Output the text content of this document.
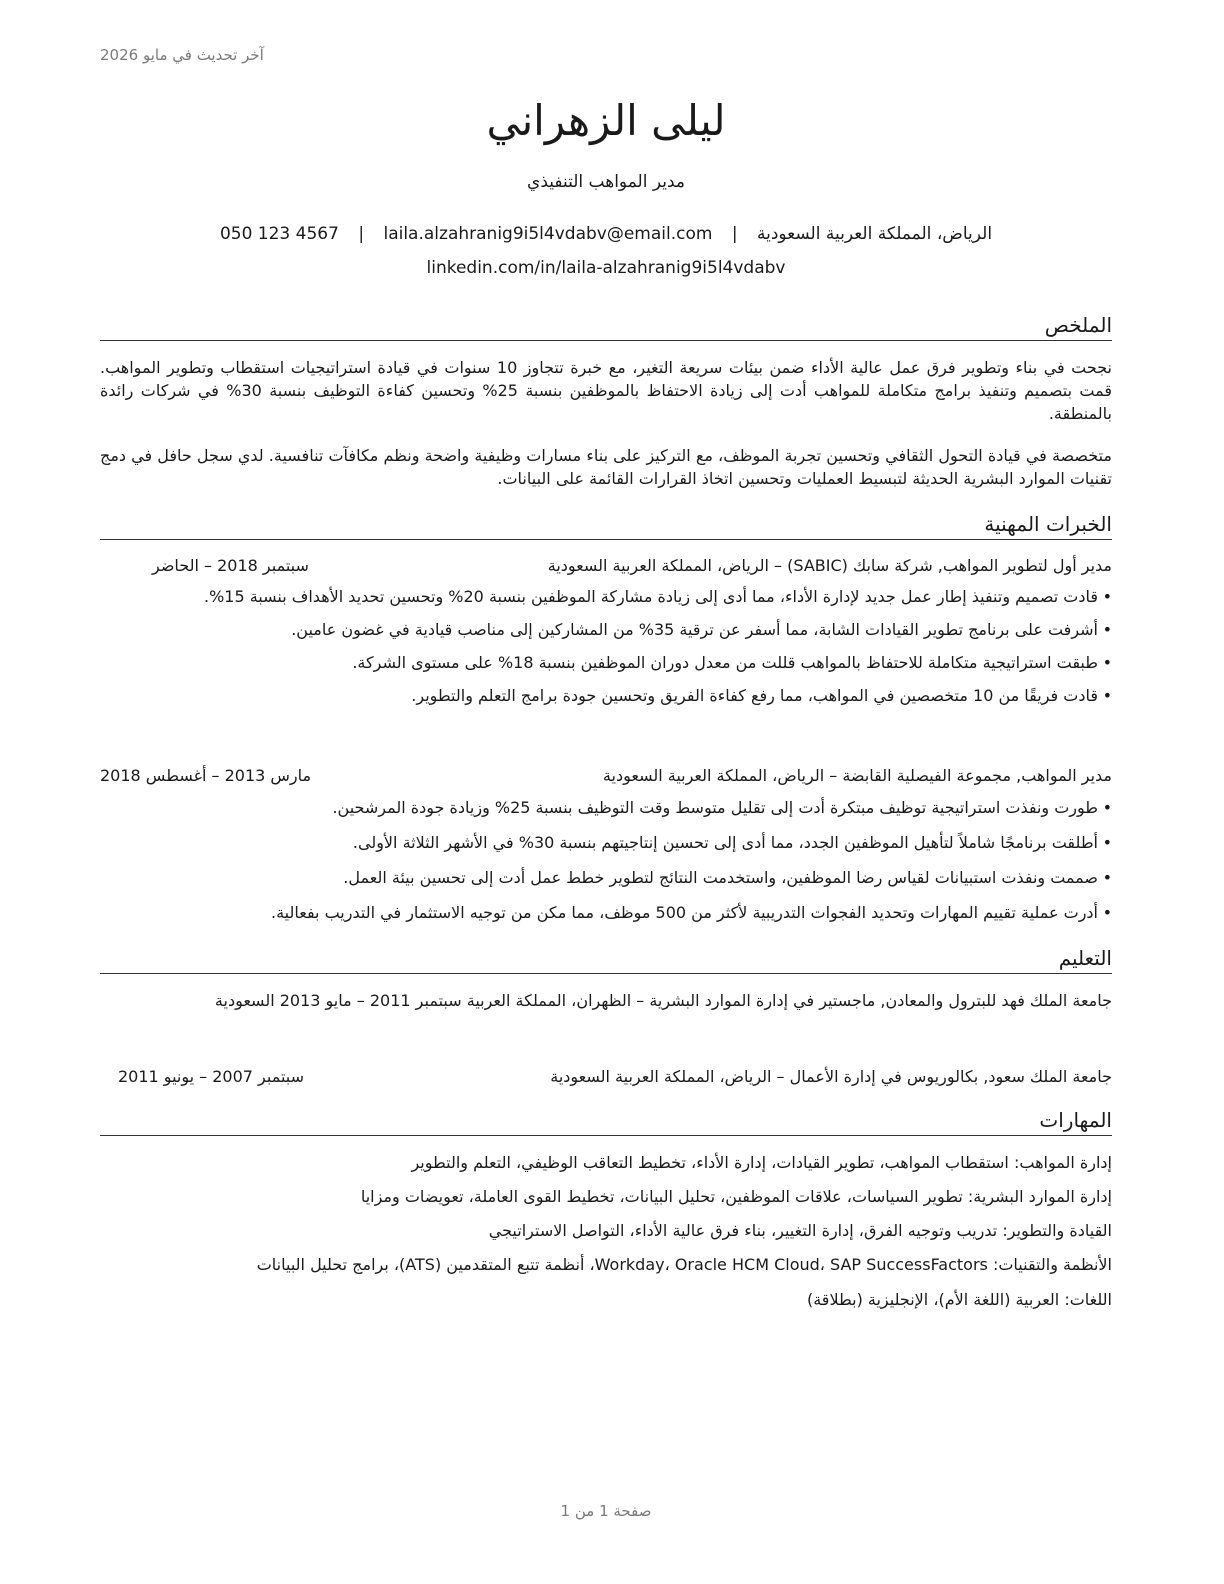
آخر تحديث في مايو 2026
ليلى الزهراني
مدير المواهب التنفيذي
الرياض، المملكة العربية السعودية | laila.alzahranig9i5l4vdabv@email.com | 050 123 4567
linkedin.com/in/laila-alzahranig9i5l4vdabv
الملخص
نجحت في بناء وتطوير فرق عمل عالية الأداء ضمن بيئات سريعة التغير، مع خبرة تتجاوز 10 سنوات في قيادة استراتيجيات استقطاب وتطوير المواهب. قمت بتصميم وتنفيذ برامج متكاملة للمواهب أدت إلى زيادة الاحتفاظ بالموظفين بنسبة 25% وتحسين كفاءة التوظيف بنسبة 30% في شركات رائدة بالمنطقة.
متخصصة في قيادة التحول الثقافي وتحسين تجربة الموظف، مع التركيز على بناء مسارات وظيفية واضحة ونظم مكافآت تنافسية. لدي سجل حافل في دمج تقنيات الموارد البشرية الحديثة لتبسيط العمليات وتحسين اتخاذ القرارات القائمة على البيانات.
الخبرات المهنية
مدير أول لتطوير المواهب, شركة سابك (SABIC) – الرياض، المملكة العربية السعودية
سبتمبر 2018 – الحاضر
• قادت تصميم وتنفيذ إطار عمل جديد لإدارة الأداء، مما أدى إلى زيادة مشاركة الموظفين بنسبة 20% وتحسين تحديد الأهداف بنسبة 15%.
• أشرفت على برنامج تطوير القيادات الشابة، مما أسفر عن ترقية 35% من المشاركين إلى مناصب قيادية في غضون عامين.
• طبقت استراتيجية متكاملة للاحتفاظ بالمواهب قللت من معدل دوران الموظفين بنسبة 18% على مستوى الشركة.
• قادت فريقًا من 10 متخصصين في المواهب، مما رفع كفاءة الفريق وتحسين جودة برامج التعلم والتطوير.
مدير المواهب, مجموعة الفيصلية القابضة – الرياض، المملكة العربية السعودية
مارس 2013 – أغسطس 2018
• طورت ونفذت استراتيجية توظيف مبتكرة أدت إلى تقليل متوسط وقت التوظيف بنسبة 25% وزيادة جودة المرشحين.
• أطلقت برنامجًا شاملاً لتأهيل الموظفين الجدد، مما أدى إلى تحسين إنتاجيتهم بنسبة 30% في الأشهر الثلاثة الأولى.
• صممت ونفذت استبيانات لقياس رضا الموظفين، واستخدمت النتائج لتطوير خطط عمل أدت إلى تحسين بيئة العمل.
• أدرت عملية تقييم المهارات وتحديد الفجوات التدريبية لأكثر من 500 موظف، مما مكن من توجيه الاستثمار في التدريب بفعالية.
التعليم
جامعة الملك فهد للبترول والمعادن, ماجستير في إدارة الموارد البشرية – الظهران، المملكة العربية سبتمبر 2011 – مايو 2013 السعودية
جامعة الملك سعود, بكالوريوس في إدارة الأعمال – الرياض، المملكة العربية السعودية
سبتمبر 2007 – يونيو 2011
المهارات
إدارة المواهب: استقطاب المواهب، تطوير القيادات، إدارة الأداء، تخطيط التعاقب الوظيفي، التعلم والتطوير
إدارة الموارد البشرية: تطوير السياسات، علاقات الموظفين، تحليل البيانات، تخطيط القوى العاملة، تعويضات ومزايا
القيادة والتطوير: تدريب وتوجيه الفرق، إدارة التغيير، بناء فرق عالية الأداء، التواصل الاستراتيجي
الأنظمة والتقنيات: Workday، Oracle HCM Cloud، SAP SuccessFactors، أنظمة تتبع المتقدمين (ATS)، برامج تحليل البيانات
اللغات: العربية (اللغة الأم)، الإنجليزية (بطلاقة)
صفحة 1 من 1
